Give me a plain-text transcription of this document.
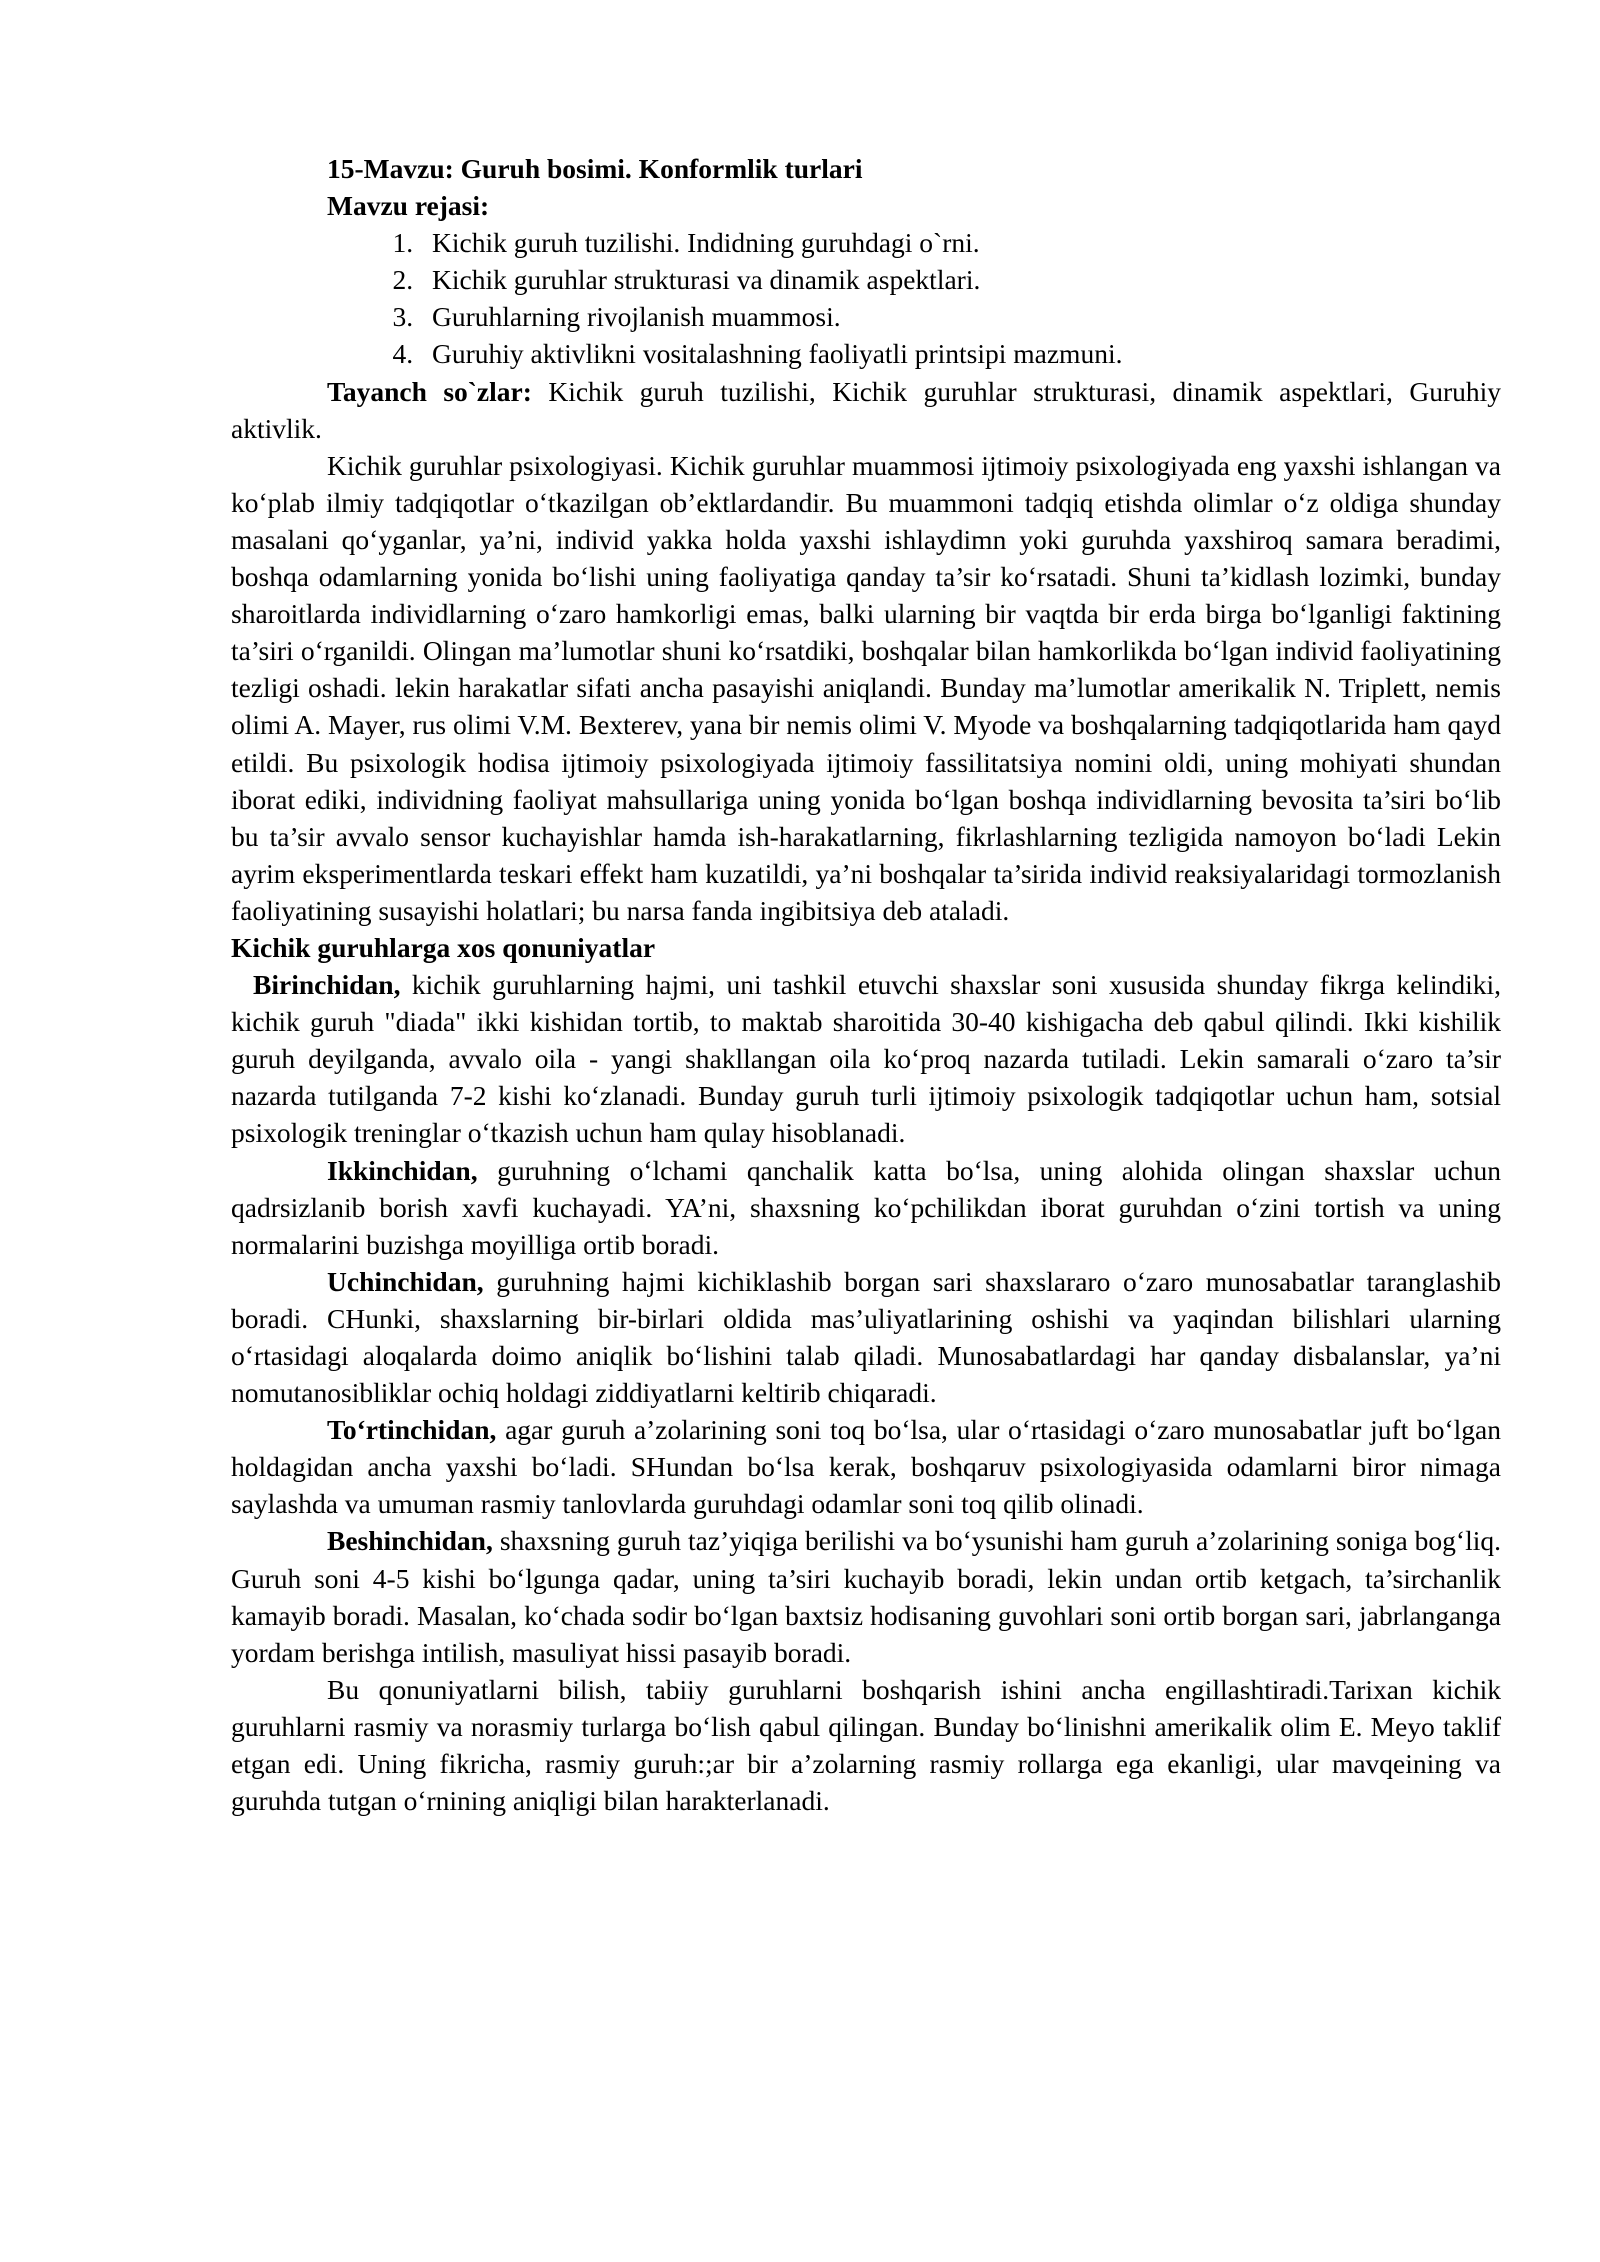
15-Mavzu: Guruh bosimi. Konformlik turlari
Mavzu rejasi:
1. Kichik guruh tuzilishi. Indidning guruhdagi o`rni.
2. Kichik guruhlar strukturasi va dinamik aspektlari.
3. Guruhlarning rivojlanish muammosi.
4. Guruhiy aktivlikni vositalashning faoliyatli printsipi mazmuni.

Tayanch so`zlar: Kichik guruh tuzilishi, Kichik guruhlar strukturasi, dinamik aspektlari, Guruhiy aktivlik.

Kichik guruhlar psixologiyasi. Kichik guruhlar muammosi ijtimoiy psixologiyada eng yaxshi ishlangan va ko‘plab ilmiy tadqiqotlar o‘tkazilgan ob’ektlardandir. Bu muammoni tadqiq etishda olimlar o‘z oldiga shunday masalani qo‘yganlar, ya’ni, individ yakka holda yaxshi ishlaydimn yoki guruhda yaxshiroq samara beradimi, boshqa odamlarning yonida bo‘lishi uning faoliyatiga qanday ta’sir ko‘rsatadi. Shuni ta’kidlash lozimki, bunday sharoitlarda individlarning o‘zaro hamkorligi emas, balki ularning bir vaqtda bir erda birga bo‘lganligi faktining ta’siri o‘rganildi. Olingan ma’lumotlar shuni ko‘rsatdiki, boshqalar bilan hamkorlikda bo‘lgan individ faoliyatining tezligi oshadi. lekin harakatlar sifati ancha pasayishi aniqlandi. Bunday ma’lumotlar amerikalik N. Triplett, nemis olimi A. Mayer, rus olimi V.M. Bexterev, yana bir nemis olimi V. Myode va boshqalarning tadqiqotlarida ham qayd etildi. Bu psixologik hodisa ijtimoiy psixologiyada ijtimoiy fassilitatsiya nomini oldi, uning mohiyati shundan iborat ediki, individning faoliyat mahsullariga uning yonida bo‘lgan boshqa individlarning bevosita ta’siri bo‘lib bu ta’sir avvalo sensor kuchayishlar hamda ish-harakatlarning, fikrlashlarning tezligida namoyon bo‘ladi Lekin ayrim eksperimentlarda teskari effekt ham kuzatildi, ya’ni boshqalar ta’sirida individ reaksiyalaridagi tormozlanish faoliyatining susayishi holatlari; bu narsa fanda ingibitsiya deb ataladi.

Kichik guruhlarga xos qonuniyatlar

Birinchidan, kichik guruhlarning hajmi, uni tashkil etuvchi shaxslar soni xususida shunday fikrga kelindiki, kichik guruh "diada" ikki kishidan tortib, to maktab sharoitida 30-40 kishigacha deb qabul qilindi. Ikki kishilik guruh deyilganda, avvalo oila - yangi shakllangan oila ko‘proq nazarda tutiladi. Lekin samarali o‘zaro ta’sir nazarda tutilganda 7-2 kishi ko‘zlanadi. Bunday guruh turli ijtimoiy psixologik tadqiqotlar uchun ham, sotsial psixologik treninglar o‘tkazish uchun ham qulay hisoblanadi.

Ikkinchidan, guruhning o‘lchami qanchalik katta bo‘lsa, uning alohida olingan shaxslar uchun qadrsizlanib borish xavfi kuchayadi. YA’ni, shaxsning ko‘pchilikdan iborat guruhdan o‘zini tortish va uning normalarini buzishga moyilliga ortib boradi.

Uchinchidan, guruhning hajmi kichiklashib borgan sari shaxslararo o‘zaro munosabatlar taranglashib boradi. CHunki, shaxslarning bir-birlari oldida mas’uliyatlarining oshishi va yaqindan bilishlari ularning o‘rtasidagi aloqalarda doimo aniqlik bo‘lishini talab qiladi. Munosabatlardagi har qanday disbalanslar, ya’ni nomutanosibliklar ochiq holdagi ziddiyatlarni keltirib chiqaradi.

To‘rtinchidan, agar guruh a’zolarining soni toq bo‘lsa, ular o‘rtasidagi o‘zaro munosabatlar juft bo‘lgan holdagidan ancha yaxshi bo‘ladi. SHundan bo‘lsa kerak, boshqaruv psixologiyasida odamlarni biror nimaga saylashda va umuman rasmiy tanlovlarda guruhdagi odamlar soni toq qilib olinadi.

Beshinchidan, shaxsning guruh taz’yiqiga berilishi va bo‘ysunishi ham guruh a’zolarining soniga bog‘liq. Guruh soni 4-5 kishi bo‘lgunga qadar, uning ta’siri kuchayib boradi, lekin undan ortib ketgach, ta’sirchanlik kamayib boradi. Masalan, ko‘chada sodir bo‘lgan baxtsiz hodisaning guvohlari soni ortib borgan sari, jabrlanganga yordam berishga intilish, masuliyat hissi pasayib boradi.

Bu qonuniyatlarni bilish, tabiiy guruhlarni boshqarish ishini ancha engillashtiradi.Tarixan kichik guruhlarni rasmiy va norasmiy turlarga bo‘lish qabul qilingan. Bunday bo‘linishni amerikalik olim E. Meyo taklif etgan edi. Uning fikricha, rasmiy guruh:;ar bir a’zolarning rasmiy rollarga ega ekanligi, ular mavqeining va guruhda tutgan o‘rnining aniqligi bilan harakterlanadi.
